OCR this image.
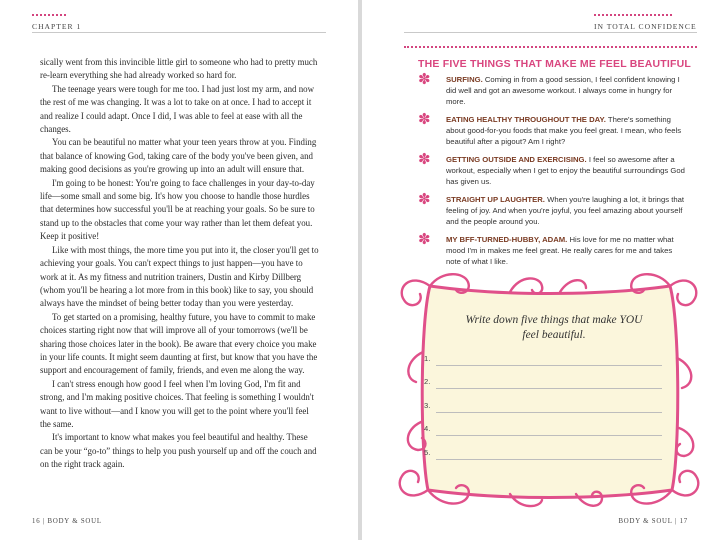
CHAPTER 1

sically went from this invincible little girl to someone who had to pretty much re-learn everything she had already worked so hard for.

The teenage years were tough for me too. I had just lost my arm, and now the rest of me was changing. It was a lot to take on at once. I had to accept it and realize I could adapt. Once I did, I was able to feel at ease with all the changes.

You can be beautiful no matter what your teen years throw at you. Finding that balance of knowing God, taking care of the body you've been given, and making good decisions as you're growing up into an adult will ensure that.

I'm going to be honest: You're going to face challenges in your day-to-day life—some small and some big. It's how you choose to handle those hurdles that determines how successful you'll be at reaching your goals. So be sure to stand up to the obstacles that come your way rather than let them defeat you. Keep it positive!

Like with most things, the more time you put into it, the closer you'll get to achieving your goals. You can't expect things to just happen—you have to work at it. As my fitness and nutrition trainers, Dustin and Kirby Dillberg (whom you'll be hearing a lot more from in this book) like to say, you should always have the mindset of being better today than you were yesterday.

To get started on a promising, healthy future, you have to commit to make choices starting right now that will improve all of your tomorrows (we'll be sharing those choices later in the book). Be aware that every choice you make in your life counts. It might seem daunting at first, but know that you have the support and encouragement of family, friends, and even me along the way.

I can't stress enough how good I feel when I'm loving God, I'm fit and strong, and I'm making positive choices. That feeling is something I wouldn't want to live without—and I know you will get to the point where you'll feel the same.

It's important to know what makes you feel beautiful and healthy. These can be your “go-to” things to help you push yourself up and off the couch and on the right track again.

16 | BODY & SOUL
IN TOTAL CONFIDENCE
THE FIVE THINGS THAT MAKE ME FEEL BEAUTIFUL
✽ SURFING. Coming in from a good session, I feel confident knowing I did well and got an awesome workout. I always come in hungry for more.
✽ EATING HEALTHY THROUGHOUT THE DAY. There's something about good-for-you foods that make you feel great. I mean, who feels beautiful after a pigout? Am I right?
✽ GETTING OUTSIDE AND EXERCISING. I feel so awesome after a workout, especially when I get to enjoy the beautiful surroundings God has given us.
✽ STRAIGHT UP LAUGHTER. When you're laughing a lot, it brings that feeling of joy. And when you're joyful, you feel amazing about yourself and the people around you.
✽ MY BFF-TURNED-HUBBY, ADAM. His love for me no matter what mood I'm in makes me feel great. He really cares for me and takes note of what I like.
Write down five things that make YOU feel beautiful.
1.
2.
3.
4.
5.
BODY & SOUL | 17
